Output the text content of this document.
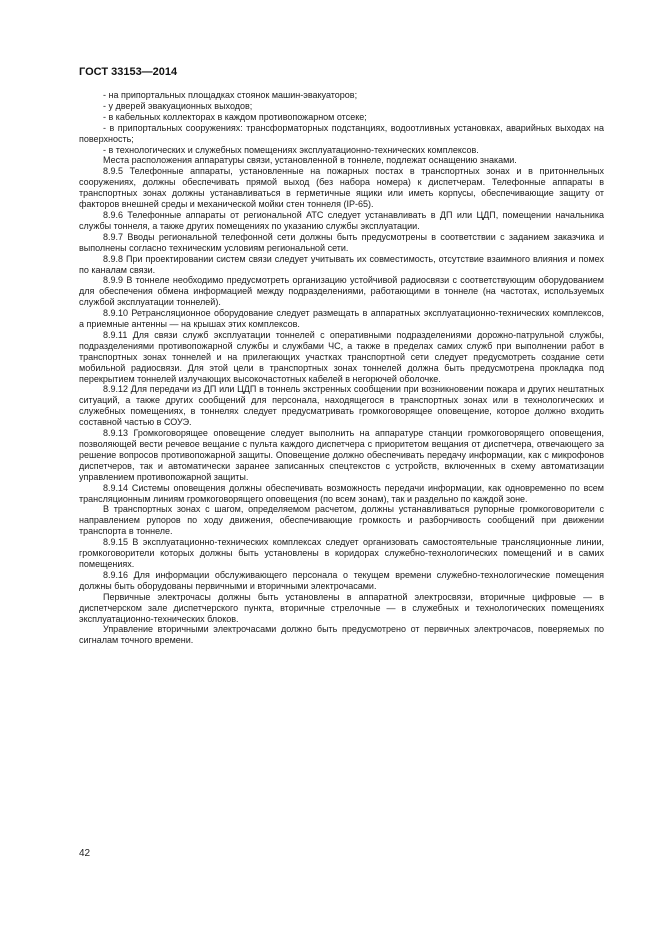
ГОСТ 33153—2014

- на припортальных площадках стоянок машин-эвакуаторов;

- у дверей эвакуационных выходов;

- в кабельных коллекторах в каждом противопожарном отсеке;

- в припортальных сооружениях: трансформаторных подстанциях, водоотливных установках, аварийных выходах на поверхность;

- в технологических и служебных помещениях эксплуатационно-технических комплексов.

Места расположения аппаратуры связи, установленной в тоннеле, подлежат оснащению знаками.

8.9.5 Телефонные аппараты, установленные на пожарных постах в транспортных зонах и в притоннельных сооружениях, должны обеспечивать прямой выход (без набора номера) к диспетчерам. Телефонные аппараты в транспортных зонах должны устанавливаться в герметичные ящики или иметь корпусы, обеспечивающие защиту от факторов внешней среды и механической мойки стен тоннеля (IP-65).

8.9.6 Телефонные аппараты от региональной АТС следует устанавливать в ДП или ЦДП, помещении начальника службы тоннеля, а также других помещениях по указанию службы эксплуатации.

8.9.7 Вводы региональной телефонной сети должны быть предусмотрены в соответствии с заданием заказчика и выполнены согласно техническим условиям региональной сети.

8.9.8 При проектировании систем связи следует учитывать их совместимость, отсутствие взаимного влияния и помех по каналам связи.

8.9.9 В тоннеле необходимо предусмотреть организацию устойчивой радиосвязи с соответствующим оборудованием для обеспечения обмена информацией между подразделениями, работающими в тоннеле (на частотах, используемых службой эксплуатации тоннелей).

8.9.10 Ретрансляционное оборудование следует размещать в аппаратных эксплуатационно-технических комплексов, а приемные антенны — на крышах этих комплексов.

8.9.11 Для связи служб эксплуатации тоннелей с оперативными подразделениями дорожно-патрульной службы, подразделениями противопожарной службы и службами ЧС, а также в пределах самих служб при выполнении работ в транспортных зонах тоннелей и на прилегающих участках транспортной сети следует предусмотреть создание сети мобильной радиосвязи. Для этой цели в транспортных зонах тоннелей должна быть предусмотрена прокладка под перекрытием тоннелей излучающих высокочастотных кабелей в негорючей оболочке.

8.9.12 Для передачи из ДП или ЦДП в тоннель экстренных сообщении при возникновении пожара и других нештатных ситуаций, а также других сообщений для персонала, находящегося в транспортных зонах или в технологических и служебных помещениях, в тоннелях следует предусматривать громкоговорящее оповещение, которое должно входить составной частью в СОУЭ.

8.9.13 Громкоговорящее оповещение следует выполнить на аппаратуре станции громкоговорящего оповещения, позволяющей вести речевое вещание с пульта каждого диспетчера с приоритетом вещания от диспетчера, отвечающего за решение вопросов противопожарной защиты. Оповещение должно обеспечивать передачу информации, как с микрофонов диспетчеров, так и автоматически заранее записанных спецтекстов с устройств, включенных в схему автоматизации управлением противопожарной защиты.

8.9.14 Системы оповещения должны обеспечивать возможность передачи информации, как одновременно по всем трансляционным линиям громкоговорящего оповещения (по всем зонам), так и раздельно по каждой зоне.

В транспортных зонах с шагом, определяемом расчетом, должны устанавливаться рупорные громкоговорители с направлением рупоров по ходу движения, обеспечивающие громкость и разборчивость сообщений при движении транспорта в тоннеле.

8.9.15 В эксплуатационно-технических комплексах следует организовать самостоятельные трансляционные линии, громкоговорители которых должны быть установлены в коридорах служебно-технологических помещений и в самих помещениях.

8.9.16 Для информации обслуживающего персонала о текущем времени служебно-технологические помещения должны быть оборудованы первичными и вторичными электрочасами.

Первичные электрочасы должны быть установлены в аппаратной электросвязи, вторичные цифровые — в диспетчерском зале диспетчерского пункта, вторичные стрелочные — в служебных и технологических помещениях эксплуатационно-технических блоков.

Управление вторичными электрочасами должно быть предусмотрено от первичных электрочасов, поверяемых по сигналам точного времени.

42
